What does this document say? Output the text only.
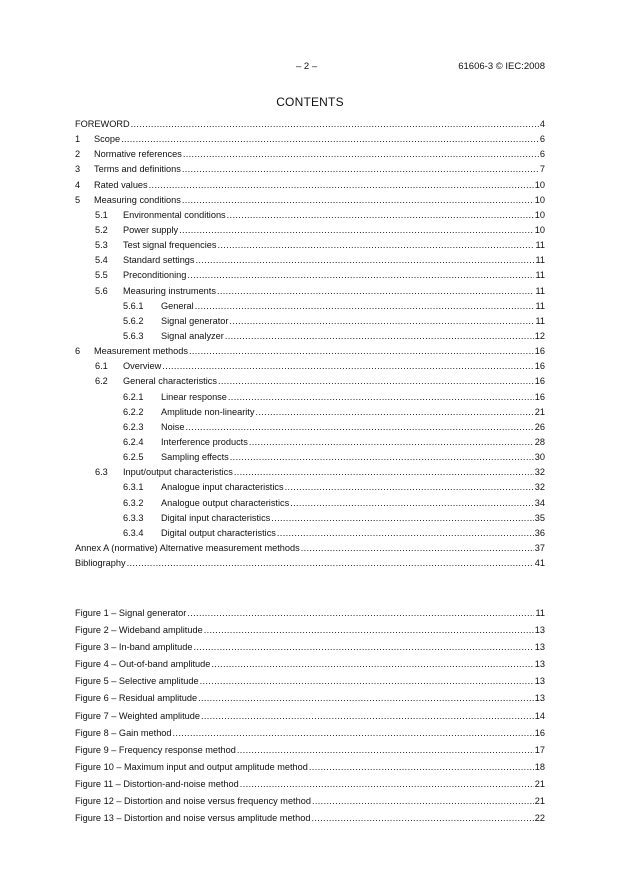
– 2 –	61606-3 © IEC:2008
CONTENTS
FOREWORD .....	4
1 Scope .....	6
2 Normative references .....	6
3 Terms and definitions .....	7
4 Rated values .....	10
5 Measuring conditions .....	10
5.1 Environmental conditions .....	10
5.2 Power supply .....	10
5.3 Test signal frequencies .....	11
5.4 Standard settings .....	11
5.5 Preconditioning .....	11
5.6 Measuring instruments .....	11
5.6.1 General .....	11
5.6.2 Signal generator .....	11
5.6.3 Signal analyzer .....	12
6 Measurement methods .....	16
6.1 Overview .....	16
6.2 General characteristics .....	16
6.2.1 Linear response .....	16
6.2.2 Amplitude non-linearity .....	21
6.2.3 Noise .....	26
6.2.4 Interference products .....	28
6.2.5 Sampling effects .....	30
6.3 Input/output characteristics .....	32
6.3.1 Analogue input characteristics .....	32
6.3.2 Analogue output characteristics .....	34
6.3.3 Digital input characteristics .....	35
6.3.4 Digital output characteristics .....	36
Annex A (normative) Alternative measurement methods .....	37
Bibliography .....	41
Figure 1 – Signal generator .....	11
Figure 2 – Wideband amplitude .....	13
Figure 3 – In-band amplitude .....	13
Figure 4 – Out-of-band amplitude .....	13
Figure 5 – Selective amplitude .....	13
Figure 6 – Residual amplitude .....	13
Figure 7 – Weighted amplitude .....	14
Figure 8 – Gain method .....	16
Figure 9 – Frequency response method .....	17
Figure 10 – Maximum input and output amplitude method .....	18
Figure 11 – Distortion-and-noise method .....	21
Figure 12 – Distortion and noise versus frequency method .....	21
Figure 13 – Distortion and noise versus amplitude method .....	22
